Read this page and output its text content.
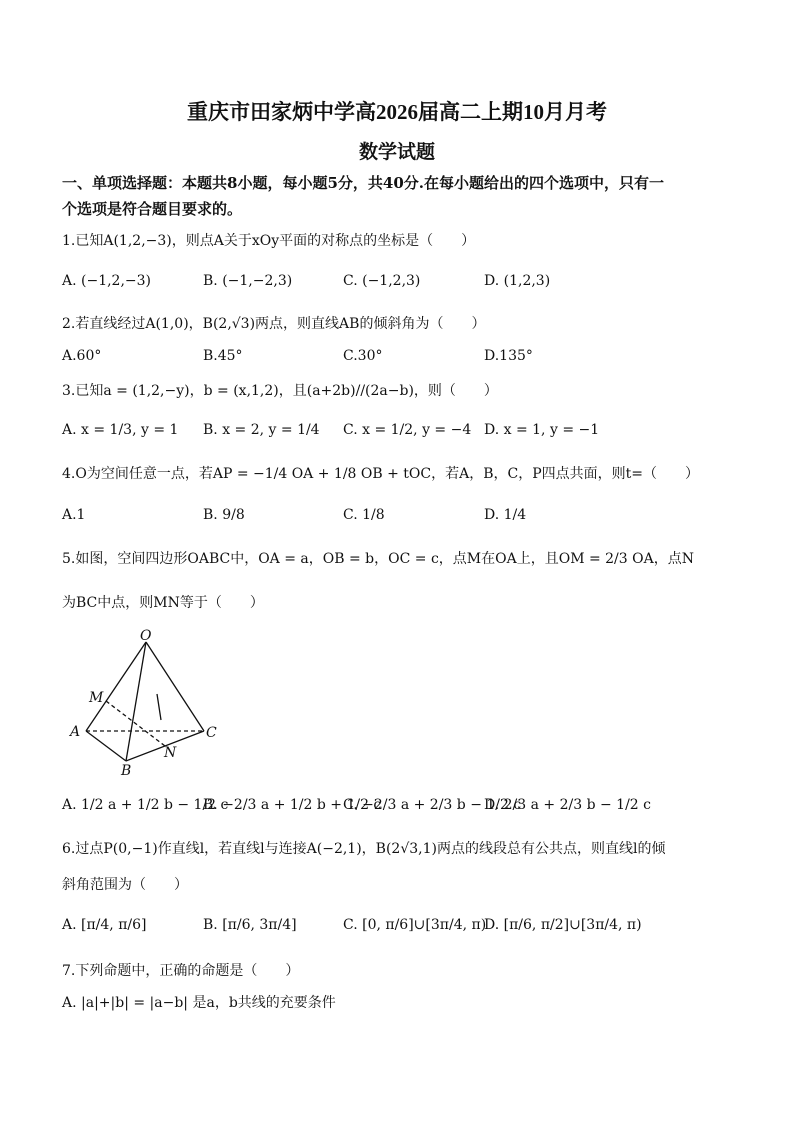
重庆市田家炳中学高2026届高二上期10月月考
数学试题
一、单项选择题：本题共8小题，每小题5分，共40分.在每小题给出的四个选项中，只有一
个选项是符合题目要求的。
1.已知A(1,2,−3)，则点A关于xOy平面的对称点的坐标是（　　）
A. (−1,2,−3)	B. (−1,−2,3)	C. (−1,2,3)	D. (1,2,3)
2.若直线经过A(1,0)，B(2,√3)两点，则直线AB的倾斜角为（　　）
A.60°	B.45°	C.30°	D.135°
3.已知a = (1,2,−y)，b = (x,1,2)，且(a+2b)//(2a−b)，则（　　）
A. x = 1/3, y = 1 B. x = 2, y = 1/4 C. x = 1/2, y = −4 D. x = 1, y = −1
4.O为空间任意一点，若AP = −1/4 OA + 1/8 OB + tOC，若A，B，C，P四点共面，则t=（　　）
A.1	B. 9/8	C. 1/8	D. 1/4
5.如图，空间四边形OABC中，OA = a，OB = b，OC = c，点M在OA上，且OM = 2/3 OA，点N
为BC中点，则MN等于（　　）
O
M
A
B
C
N
A. 1/2 a + 1/2 b − 1/2 c
B. −2/3 a + 1/2 b + 1/2 c
C. −2/3 a + 2/3 b − 1/2 c
D. 2/3 a + 2/3 b − 1/2 c
6.过点P(0,−1)作直线l，若直线l与连接A(−2,1)，B(2√3,1)两点的线段总有公共点，则直线l的倾
斜角范围为（　　）
A. [π/4, π/6]	B. [π/6, 3π/4]	C. [0, π/6]∪[3π/4, π)
D. [π/6, π/2]∪[3π/4, π)
7.下列命题中，正确的命题是（　　）
A. |a|+|b| = |a−b| 是a，b共线的充要条件
